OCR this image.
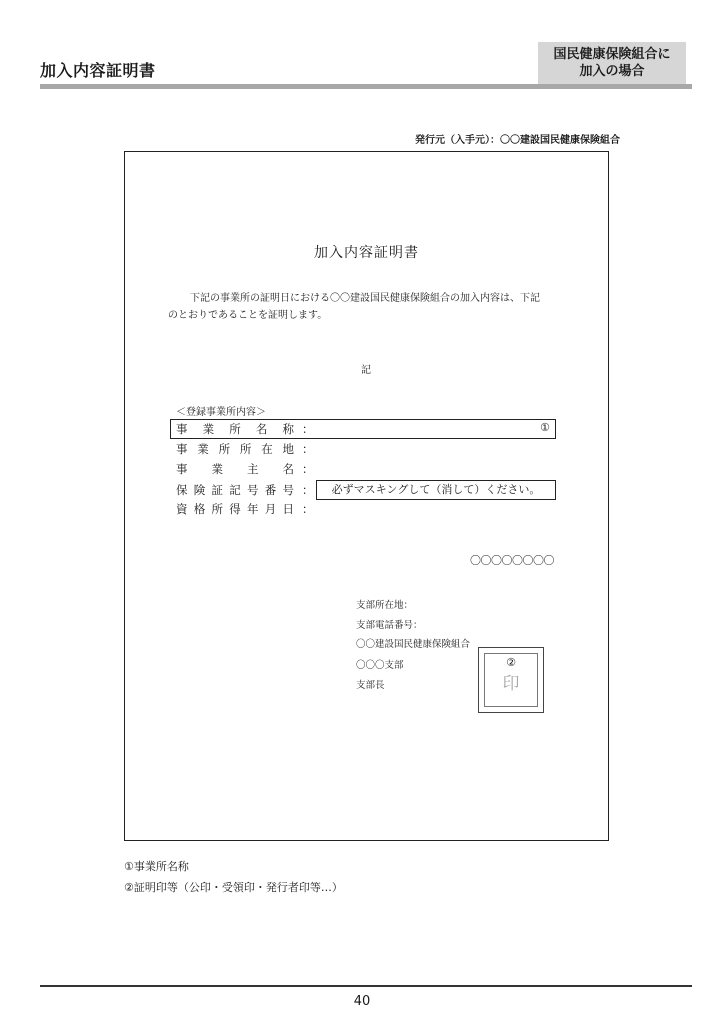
加入内容証明書
国民健康保険組合に
加入の場合
発行元（入手元）：〇〇建設国民健康保険組合
加入内容証明書
下記の事業所の証明日における〇〇建設国民健康保険組合の加入内容は、下記
のとおりであることを証明します。
記
＜登録事業所内容＞
事 業 所 名 称 ：	①
事 業 所 所 在 地 ：
事 業 主 名 ：
保 険 証 記 号 番 号 ：	必ずマスキングして（消して）ください。
資 格 所 得 年 月 日 ：
〇〇〇〇〇〇〇〇
支部所在地：
支部電話番号：
〇〇建設国民健康保険組合
〇〇〇支部
支部長
②
印
①事業所名称
②証明印等（公印・受領印・発行者印等…）
40
